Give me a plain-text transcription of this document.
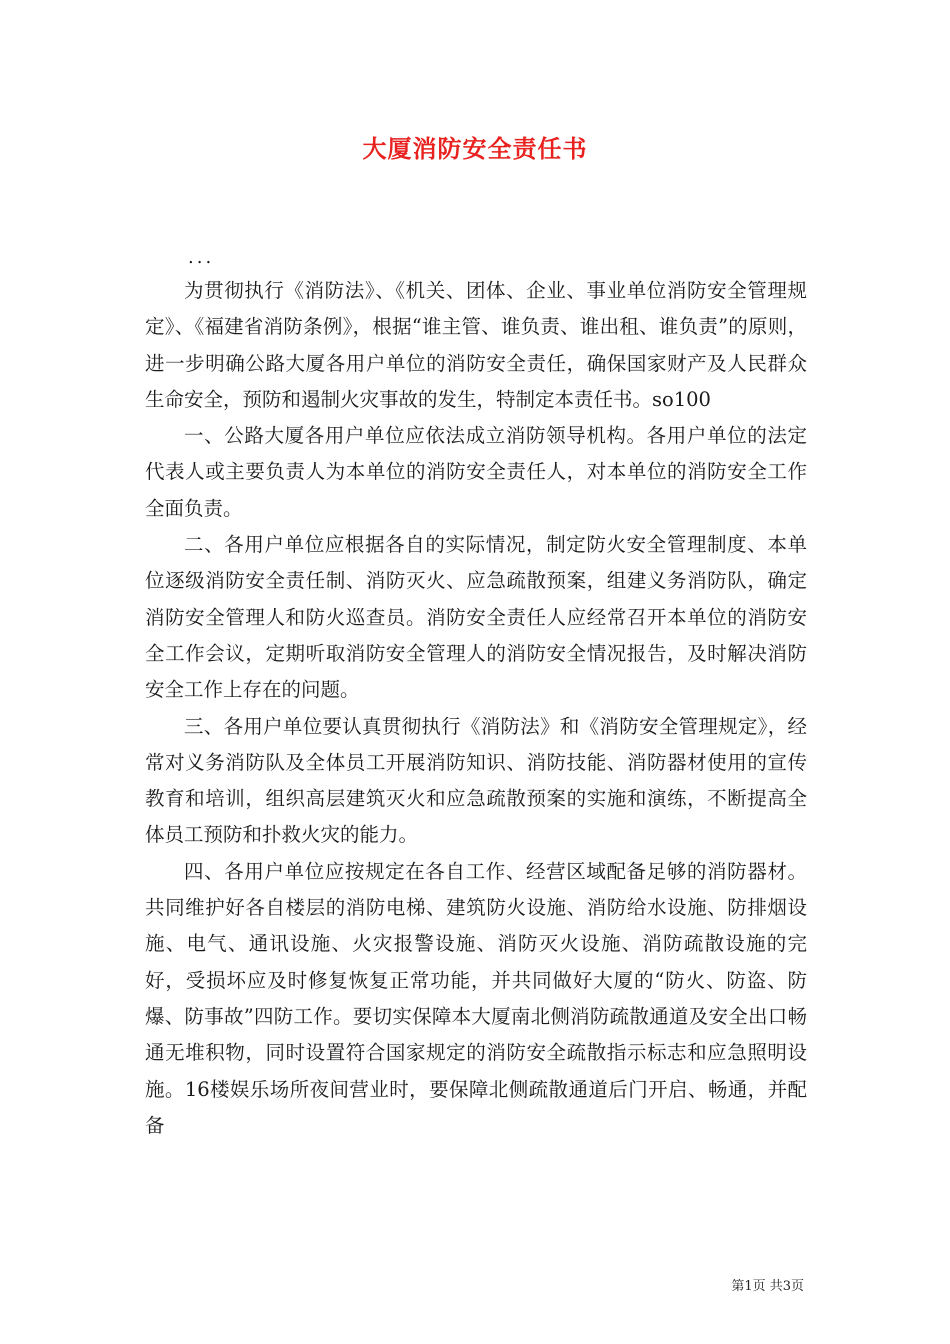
大厦消防安全责任书
...

为贯彻执行《消防法》、《机关、团体、企业、事业单位消防安全管理规定》、《福建省消防条例》，根据“谁主管、谁负责、谁出租、谁负责”的原则，进一步明确公路大厦各用户单位的消防安全责任，确保国家财产及人民群众生命安全，预防和遏制火灾事故的发生，特制定本责任书。so100

一、公路大厦各用户单位应依法成立消防领导机构。各用户单位的法定代表人或主要负责人为本单位的消防安全责任人，对本单位的消防安全工作全面负责。

二、各用户单位应根据各自的实际情况，制定防火安全管理制度、本单位逐级消防安全责任制、消防灭火、应急疏散预案，组建义务消防队，确定消防安全管理人和防火巡查员。消防安全责任人应经常召开本单位的消防安全工作会议，定期听取消防安全管理人的消防安全情况报告，及时解决消防安全工作上存在的问题。

三、各用户单位要认真贯彻执行《消防法》和《消防安全管理规定》，经常对义务消防队及全体员工开展消防知识、消防技能、消防器材使用的宣传教育和培训，组织高层建筑灭火和应急疏散预案的实施和演练，不断提高全体员工预防和扑救火灾的能力。

四、各用户单位应按规定在各自工作、经营区域配备足够的消防器材。共同维护好各自楼层的消防电梯、建筑防火设施、消防给水设施、防排烟设施、电气、通讯设施、火灾报警设施、消防灭火设施、消防疏散设施的完好，受损坏应及时修复恢复正常功能，并共同做好大厦的“防火、防盗、防爆、防事故”四防工作。要切实保障本大厦南北侧消防疏散通道及安全出口畅通无堆积物，同时设置符合国家规定的消防安全疏散指示标志和应急照明设施。16楼娱乐场所夜间营业时，要保障北侧疏散通道后门开启、畅通，并配备

第1页 共3页
